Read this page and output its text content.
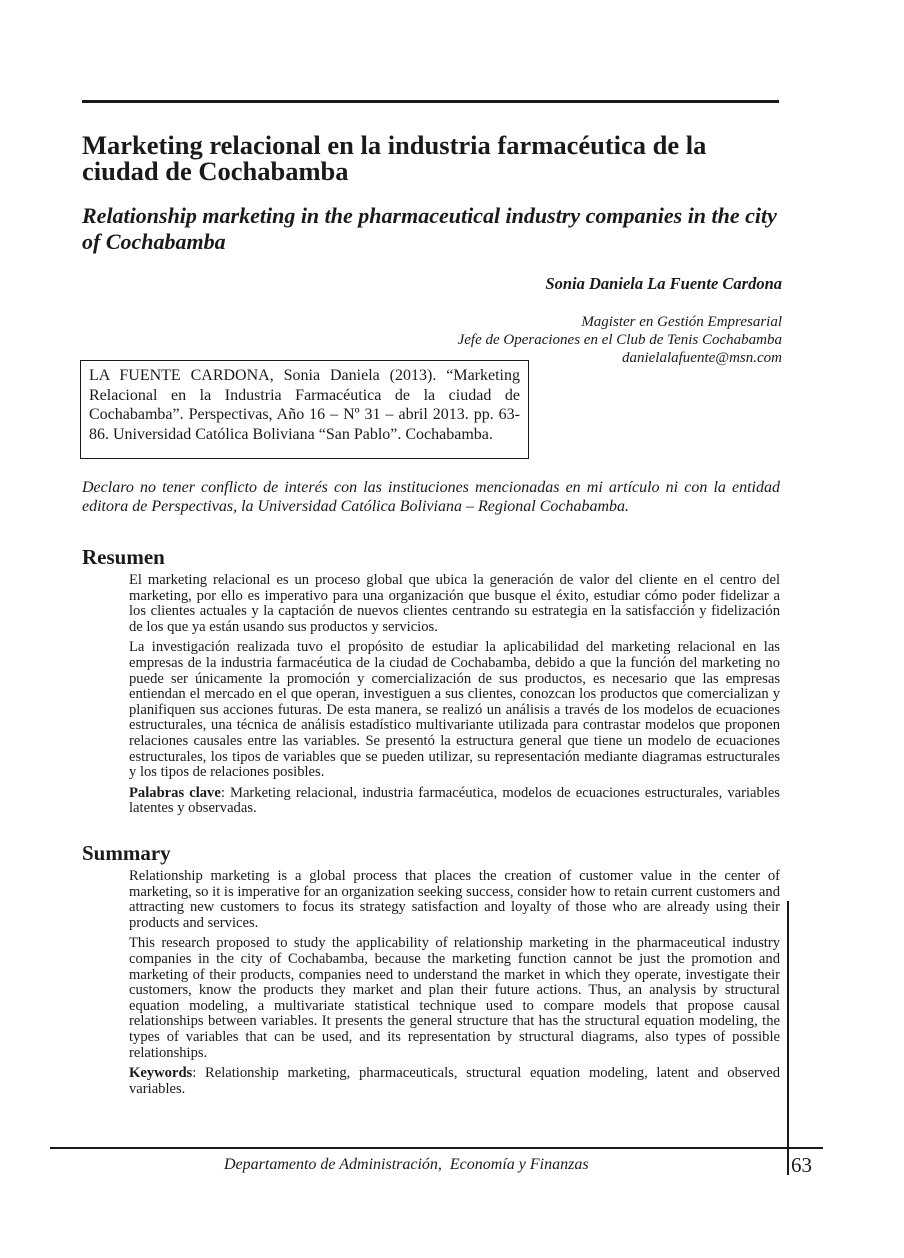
Marketing relacional en la industria farmacéutica de la ciudad de Cochabamba
Relationship marketing in the pharmaceutical industry companies in the city of Cochabamba
Sonia Daniela La Fuente Cardona
Magister en Gestión Empresarial
Jefe de Operaciones en el Club de Tenis Cochabamba
danielalafuente@msn.com
LA FUENTE CARDONA, Sonia Daniela (2013). “Marketing Relacional en la Industria Farmacéutica de la ciudad de Cochabamba”. Perspectivas, Año 16 – Nº 31 – abril 2013. pp. 63-86. Universidad Católica Boliviana “San Pablo”. Cochabamba.
Declaro no tener conflicto de interés con las instituciones mencionadas en mi artículo ni con la entidad editora de Perspectivas, la Universidad Católica Boliviana – Regional Cochabamba.
Resumen

El marketing relacional es un proceso global que ubica la generación de valor del cliente en el centro del marketing, por ello es imperativo para una organización que busque el éxito, estudiar cómo poder fidelizar a los clientes actuales y la captación de nuevos clientes centrando su estrategia en la satisfacción y fidelización de los que ya están usando sus productos y servicios.

La investigación realizada tuvo el propósito de estudiar la aplicabilidad del marketing relacional en las empresas de la industria farmacéutica de la ciudad de Cochabamba, debido a que la función del marketing no puede ser únicamente la promoción y comercialización de sus productos, es necesario que las empresas entiendan el mercado en el que operan, investiguen a sus clientes, conozcan los productos que comercializan y planifiquen sus acciones futuras. De esta manera, se realizó un análisis a través de los modelos de ecuaciones estructurales, una técnica de análisis estadístico multivariante utilizada para contrastar modelos que proponen relaciones causales entre las variables. Se presentó la estructura general que tiene un modelo de ecuaciones estructurales, los tipos de variables que se pueden utilizar, su representación mediante diagramas estructurales y los tipos de relaciones posibles.

Palabras clave: Marketing relacional, industria farmacéutica, modelos de ecuaciones estructurales, variables latentes y observadas.

Summary

Relationship marketing is a global process that places the creation of customer value in the center of marketing, so it is imperative for an organization seeking success, consider how to retain current customers and attracting new customers to focus its strategy satisfaction and loyalty of those who are already using their products and services.

This research proposed to study the applicability of relationship marketing in the pharmaceutical industry companies in the city of Cochabamba, because the marketing function cannot be just the promotion and marketing of their products, companies need to understand the market in which they operate, investigate their customers, know the products they market and plan their future actions. Thus, an analysis by structural equation modeling, a multivariate statistical technique used to compare models that propose causal relationships between variables. It presents the general structure that has the structural equation modeling, the types of variables that can be used, and its representation by structural diagrams, also types of possible relationships.

Keywords: Relationship marketing, pharmaceuticals, structural equation modeling, latent and observed variables.

Departamento de Administración,  Economía y Finanzas	63
